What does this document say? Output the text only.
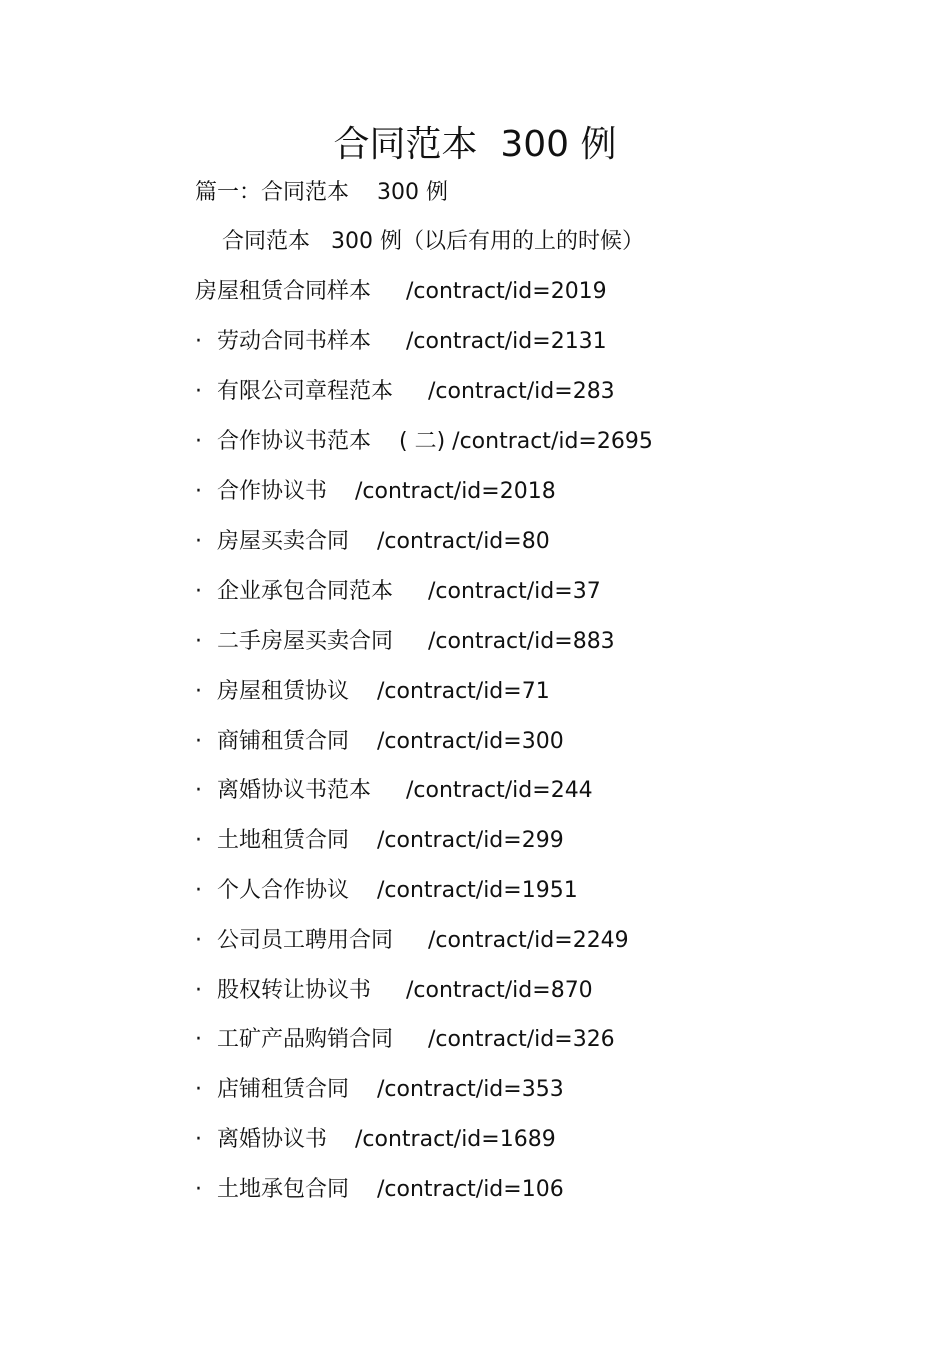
合同范本  300 例
篇一：合同范本    300 例
合同范本   300 例（以后有用的上的时候）
房屋租赁合同样本 /contract/id=2019
· 劳动合同书样本 /contract/id=2131
· 有限公司章程范本 /contract/id=283
· 合作协议书范本 ( 二) /contract/id=2695
· 合作协议书 /contract/id=2018
· 房屋买卖合同 /contract/id=80
· 企业承包合同范本 /contract/id=37
· 二手房屋买卖合同 /contract/id=883
· 房屋租赁协议 /contract/id=71
· 商铺租赁合同 /contract/id=300
· 离婚协议书范本 /contract/id=244
· 土地租赁合同 /contract/id=299
· 个人合作协议 /contract/id=1951
· 公司员工聘用合同 /contract/id=2249
· 股权转让协议书 /contract/id=870
· 工矿产品购销合同 /contract/id=326
· 店铺租赁合同 /contract/id=353
· 离婚协议书 /contract/id=1689
· 土地承包合同 /contract/id=106
